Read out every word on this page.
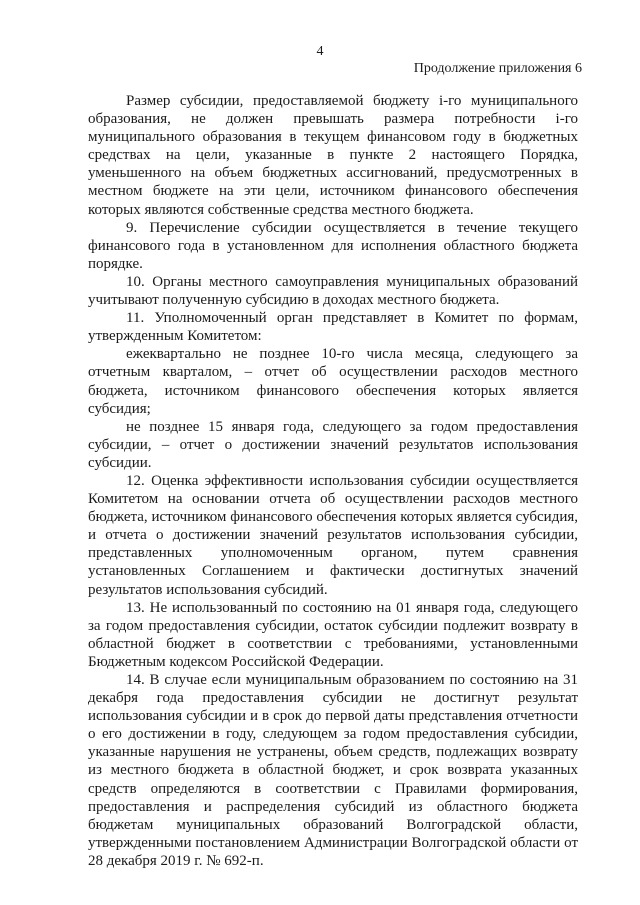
4
Продолжение приложения 6

Размер субсидии, предоставляемой бюджету i-го муниципального образования, не должен превышать размера потребности i-го муниципального образования в текущем финансовом году в бюджетных средствах на цели, указанные в пункте 2 настоящего Порядка, уменьшенного на объем бюджетных ассигнований, предусмотренных в местном бюджете на эти цели, источником финансового обеспечения которых являются собственные средства местного бюджета.

9. Перечисление субсидии осуществляется в течение текущего финансового года в установленном для исполнения областного бюджета порядке.

10. Органы местного самоуправления муниципальных образований учитывают полученную субсидию в доходах местного бюджета.

11. Уполномоченный орган представляет в Комитет по формам, утвержденным Комитетом:

ежеквартально не позднее 10-го числа месяца, следующего за отчетным кварталом, – отчет об осуществлении расходов местного бюджета, источником финансового обеспечения которых является субсидия;

не позднее 15 января года, следующего за годом предоставления субсидии, – отчет о достижении значений результатов использования субсидии.

12. Оценка эффективности использования субсидии осуществляется Комитетом на основании отчета об осуществлении расходов местного бюджета, источником финансового обеспечения которых является субсидия, и отчета о достижении значений результатов использования субсидии, представленных уполномоченным органом, путем сравнения установленных Соглашением и фактически достигнутых значений результатов использования субсидий.

13. Не использованный по состоянию на 01 января года, следующего за годом предоставления субсидии, остаток субсидии подлежит возврату в областной бюджет в соответствии с требованиями, установленными Бюджетным кодексом Российской Федерации.

14. В случае если муниципальным образованием по состоянию на 31 декабря года предоставления субсидии не достигнут результат использования субсидии и в срок до первой даты представления отчетности о его достижении в году, следующем за годом предоставления субсидии, указанные нарушения не устранены, объем средств, подлежащих возврату из местного бюджета в областной бюджет, и срок возврата указанных средств определяются в соответствии с Правилами формирования, предоставления и распределения субсидий из областного бюджета бюджетам муниципальных образований Волгоградской области, утвержденными постановлением Администрации Волгоградской области от 28 декабря 2019 г. № 692-п.
